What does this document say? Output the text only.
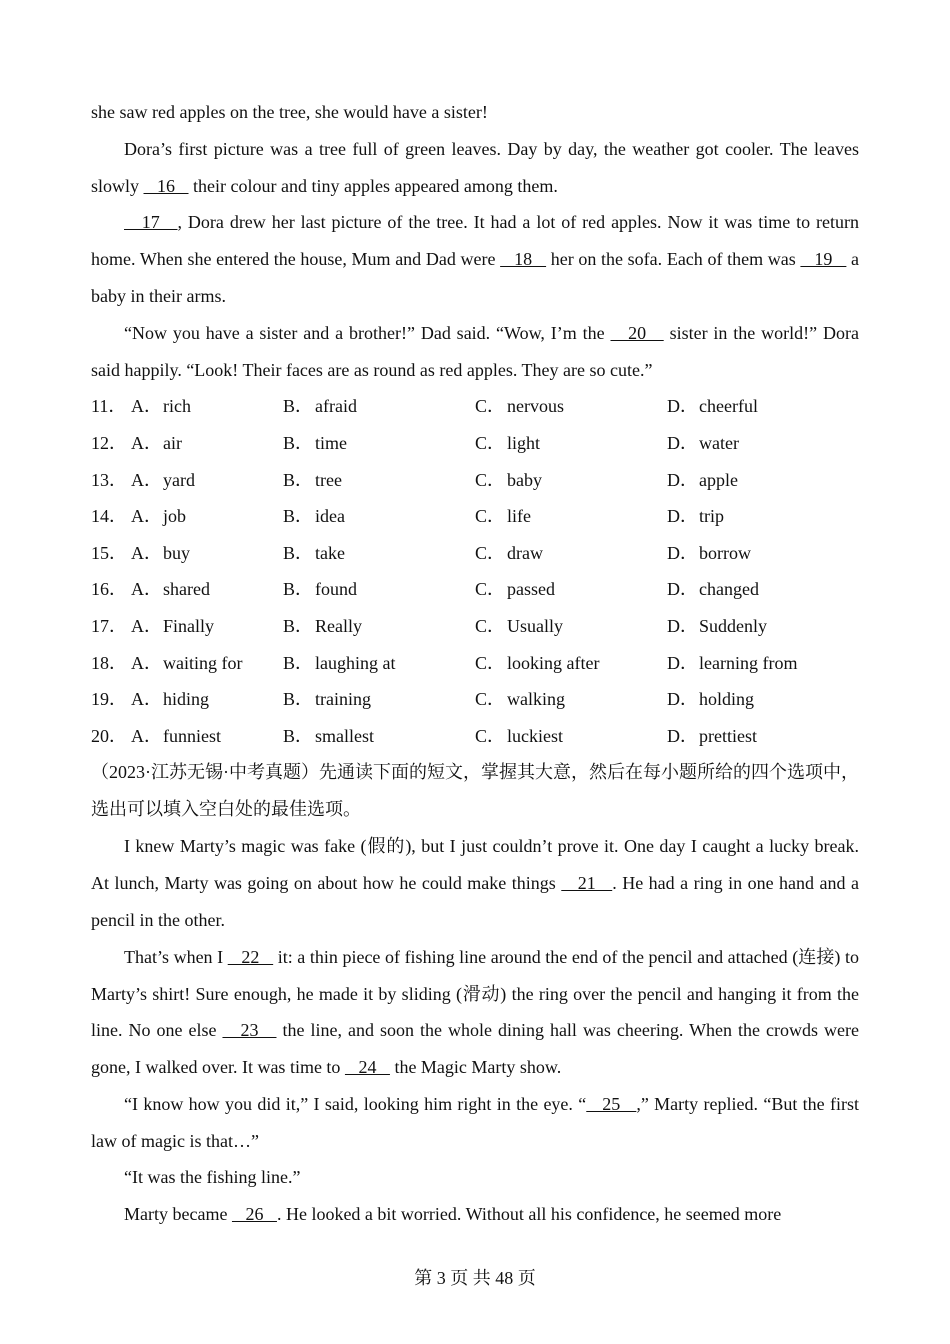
she saw red apples on the tree, she would have a sister!

Dora’s first picture was a tree full of green leaves. Day by day, the weather got cooler. The leaves slowly    16    their colour and tiny apples appeared among them.

17   , Dora drew her last picture of the tree. It had a lot of red apples. Now it was time to return home. When she entered the house, Mum and Dad were    18    her on the sofa. Each of them was    19    a baby in their arms.

“Now you have a sister and a brother!” Dad said. “Wow, I’m the    20    sister in the world!” Dora said happily. “Look! Their faces are as round as red apples. They are so cute.”

11． A． rich	B． afraid	C． nervous	D． cheerful
12． A． air	B． time	C． light	D． water
13． A． yard	B． tree	C． baby	D． apple
14． A． job	B． idea	C． life	D． trip
15． A． buy	B． take	C． draw	D． borrow
16． A． shared	B． found	C． passed	D． changed
17． A． Finally	B． Really	C． Usually	D． Suddenly
18． A． waiting for B． laughing at	C． looking after	D． learning from
19． A． hiding	B． training	C． walking	D． holding
20． A． funniest	B． smallest	C． luckiest	D． prettiest

（2023·江苏无锡·中考真题）先通读下面的短文，掌握其大意，然后在每小题所给的四个选项中，选出可以填入空白处的最佳选项。

I knew Marty’s magic was fake (假的), but I just couldn’t prove it. One day I caught a lucky break. At lunch, Marty was going on about how he could make things    21   . He had a ring in one hand and a pencil in the other.

That’s when I    22    it: a thin piece of fishing line around the end of the pencil and attached (连接) to Marty’s shirt! Sure enough, he made it by sliding (滑动) the ring over the pencil and hanging it from the line. No one else    23    the line, and soon the whole dining hall was cheering. When the crowds were gone, I walked over. It was time to    24    the Magic Marty show.

“I know how you did it,” I said, looking him right in the eye. “   25   ,” Marty replied. “But the first law of magic is that…”

“It was the fishing line.”

Marty became    26   . He looked a bit worried. Without all his confidence, he seemed more

第 3 页 共 48 页
